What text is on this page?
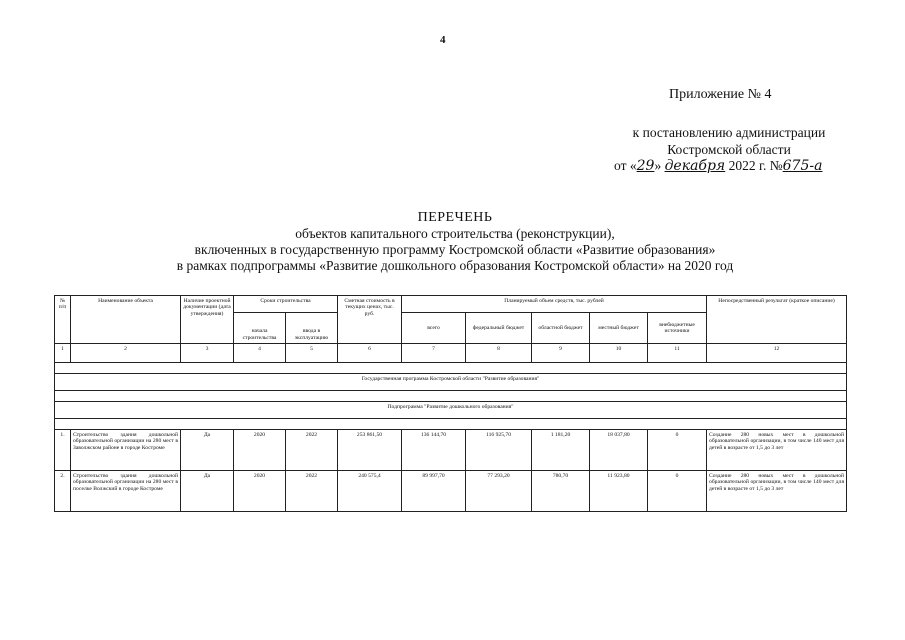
4
Приложение № 4
к постановлению администрации
Костромской области
от «29» декабря 2022 г. №675-а
ПЕРЕЧЕНЬ
объектов капитального строительства (реконструкции),
включенных в государственную программу Костромской области «Развитие образования»
в рамках подпрограммы «Развитие дошкольного образования Костромской области» на 2020 год
№ п/п	Наименование объекта	Наличие проектной документации (дата утверждения)	Сроки строительства		Сметная стоимость в текущих ценах, тыс. руб.	Планируемый объем средств, тыс. рублей					Непосредственный результат (краткое описание)
			начала строительства	ввода в эксплуатацию		всего	федеральный бюджет	областной бюджет	местный бюджет	внебюджетные источники	
1	2	3	4	5	6	7	8	9	10	11	12

Государственная программа Костромской области "Развитие образования"											

Подпрограмма "Развитие дошкольного образования"											

1.	Строительство здания дошкольной образовательной организации на 280 мест в Заволжском районе в городе Костроме	Да	2020	2022	253 861,50	136 144,70	116 925,70	1 181,20	18 037,80	0	Создание 280 новых мест в дошкольной образовательной организации, в том числе 140 мест для детей в возрасте от 1,5 до 3 лет
2.	Строительство здания дошкольной образовательной организации на 280 мест в поселке Волжский в городе Костроме	Да	2020	2022	240 575,4	89 997,70	77 293,20	780,70	11 923,80	0	Создание 280 новых мест в дошкольной образовательной организации, в том числе 140 мест для детей в возрасте от 1,5 до 3 лет
